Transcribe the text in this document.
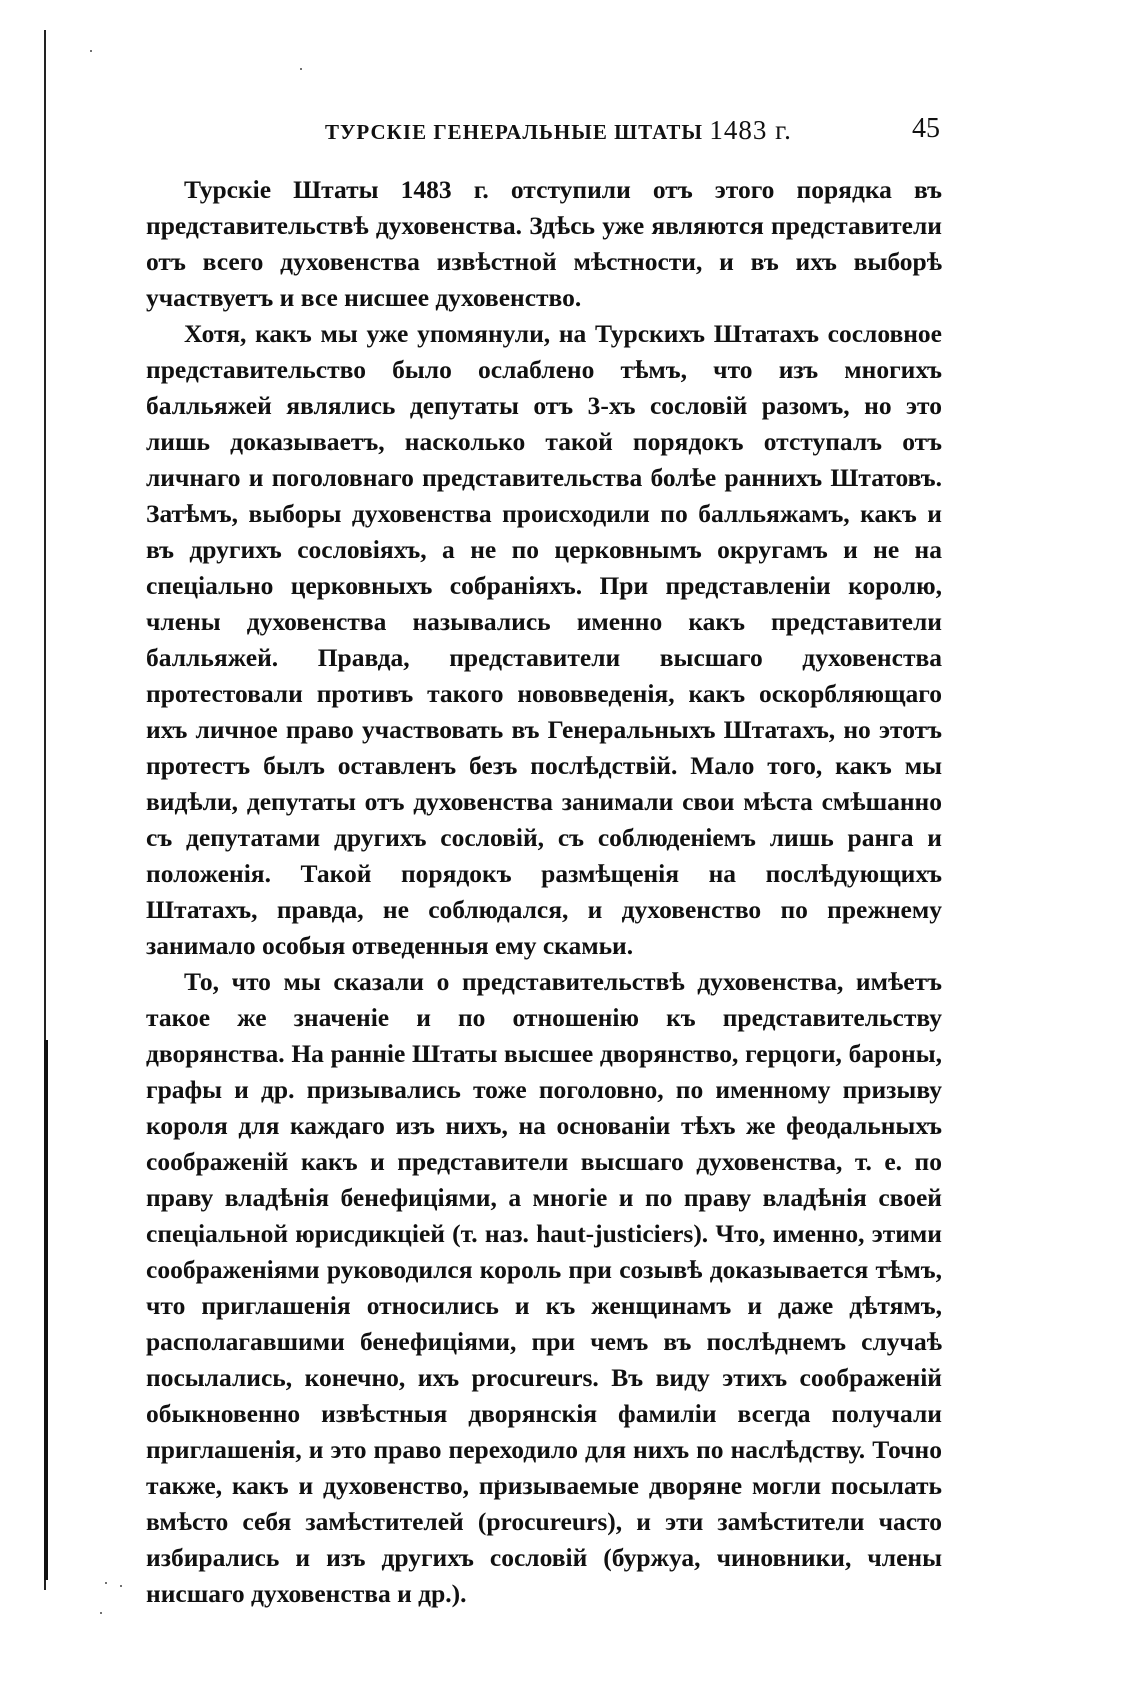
ТУРСКІЕ ГЕНЕРАЛЬНЫЕ ШТАТЫ 1483 г.	45

Турскіе Штаты 1483 г. отступили отъ этого порядка въ представительствѣ духовенства. Здѣсь уже являются представители отъ всего духовенства извѣстной мѣстности, и въ ихъ выборѣ участвуетъ и все нисшее духовенство.

Хотя, какъ мы уже упомянули, на Турскихъ Штатахъ сословное представительство было ослаблено тѣмъ, что изъ многихъ балльяжей являлись депутаты отъ 3-хъ сословій разомъ, но это лишь доказываетъ, насколько такой порядокъ отступалъ отъ личнаго и поголовнаго представительства болѣе раннихъ Штатовъ. Затѣмъ, выборы духовенства происходили по балльяжамъ, какъ и въ другихъ сословіяхъ, а не по церковнымъ округамъ и не на спеціально церковныхъ собраніяхъ. При представленіи королю, члены духовенства назывались именно какъ представители балльяжей. Правда, представители высшаго духовенства протестовали противъ такого нововведенія, какъ оскорбляющаго ихъ личное право участвовать въ Генеральныхъ Штатахъ, но этотъ протестъ былъ оставленъ безъ послѣдствій. Мало того, какъ мы видѣли, депутаты отъ духовенства занимали свои мѣста смѣшанно съ депутатами другихъ сословій, съ соблюденіемъ лишь ранга и положенія. Такой порядокъ размѣщенія на послѣдующихъ Штатахъ, правда, не соблюдался, и духовенство по прежнему занимало особыя отведенныя ему скамьи.

То, что мы сказали о представительствѣ духовенства, имѣетъ такое же значеніе и по отношенію къ представительству дворянства. На ранніе Штаты высшее дворянство, герцоги, бароны, графы и др. призывались тоже поголовно, по именному призыву короля для каждаго изъ нихъ, на основаніи тѣхъ же феодальныхъ соображеній какъ и представители высшаго духовенства, т. е. по праву владѣнія бенефиціями, а многіе и по праву владѣнія своей спеціальной юрисдикціей (т. наз. haut-justiciers). Что, именно, этими соображеніями руководился король при созывѣ доказывается тѣмъ, что приглашенія относились и къ женщинамъ и даже дѣтямъ, располагавшими бенефиціями, при чемъ въ послѣднемъ случаѣ посылались, конечно, ихъ procureurs. Въ виду этихъ соображеній обыкновенно извѣстныя дворянскія фамиліи всегда получали приглашенія, и это право переходило для нихъ по наслѣдству. Точно также, какъ и духовенство, призываемые дворяне могли посылать вмѣсто себя замѣстителей (procureurs), и эти замѣстители часто избирались и изъ другихъ сословій (буржуа, чиновники, члены нисшаго духовенства и др.).
